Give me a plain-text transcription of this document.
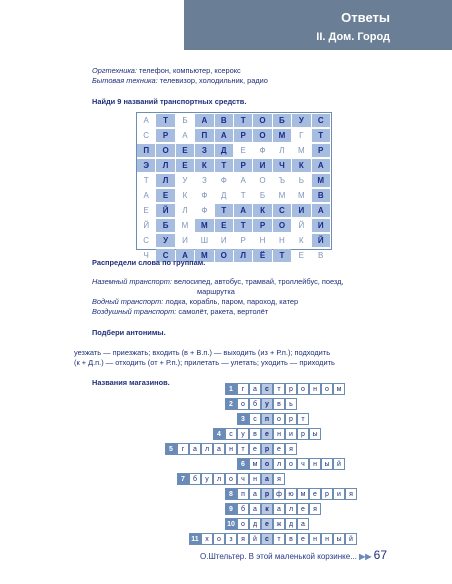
Ответы
II. Дом. Город
Оргтехника: телефон, компьютер, ксерокс
Бытовая техника: телевизор, холодильник, радио
Найди 9 названий транспортных средств.
А	Т	Б	А	В	Т	О	Б	У	С
С	Р	А	П	А	Р	О	М	Г	Т
П	О	Е	З	Д	Е	Ф	Л	М	Р
Э	Л	Е	К	Т	Р	И	Ч	К	А
Т	Л	У	З	Ф	А	О	Ъ	Ь	М
А	Е	К	Ф	Д	Т	Б	М	М	В
Е	Й	Л	Ф	Т	А	К	С	И	А
Й	Б	М	М	Е	Т	Р	О	Й	И
С	У	И	Ш	И	Р	Н	Н	К	Й
Ч	С	А	М	О	Л	Ё	Т	Е	В
Распредели слова по группам.
Наземный транспорт: велосипед, автобус, трамвай, троллейбус, поезд,
маршрутка
Водный транспорт: лодка, корабль, паром, пароход, катер
Воздушный транспорт: самолёт, ракета, вертолёт
Подбери антонимы.
уезжать — приезжать; входить (в + В.п.) — выходить (из + Р.п.); подходить
(к + Д.п.) — отходить (от + Р.п.); прилетать — улетать; уходить — приходить
Названия магазинов.
1	г	а	с	т	р	о	н	о	м
2	о	б	у	в	ь
3	с	п	о	р	т
4	с	у	в	е	н	и	р	ы
5	г	а	л	а	н	т	е	р	е	я
6	м	о	л	о	ч	н	ы	й
7	б	у	л	о	ч	н	а	я
8	п	а	р ф ю м	е	р	и	я
9	б	а	к	а	л	е	я
10 о	д	е	ж	д	а
11 х	о	з	я	й	с	т	в	е	н	н	ы	й
О.Штельтер. В этой маленькой корзинке... ▶▶ 67
